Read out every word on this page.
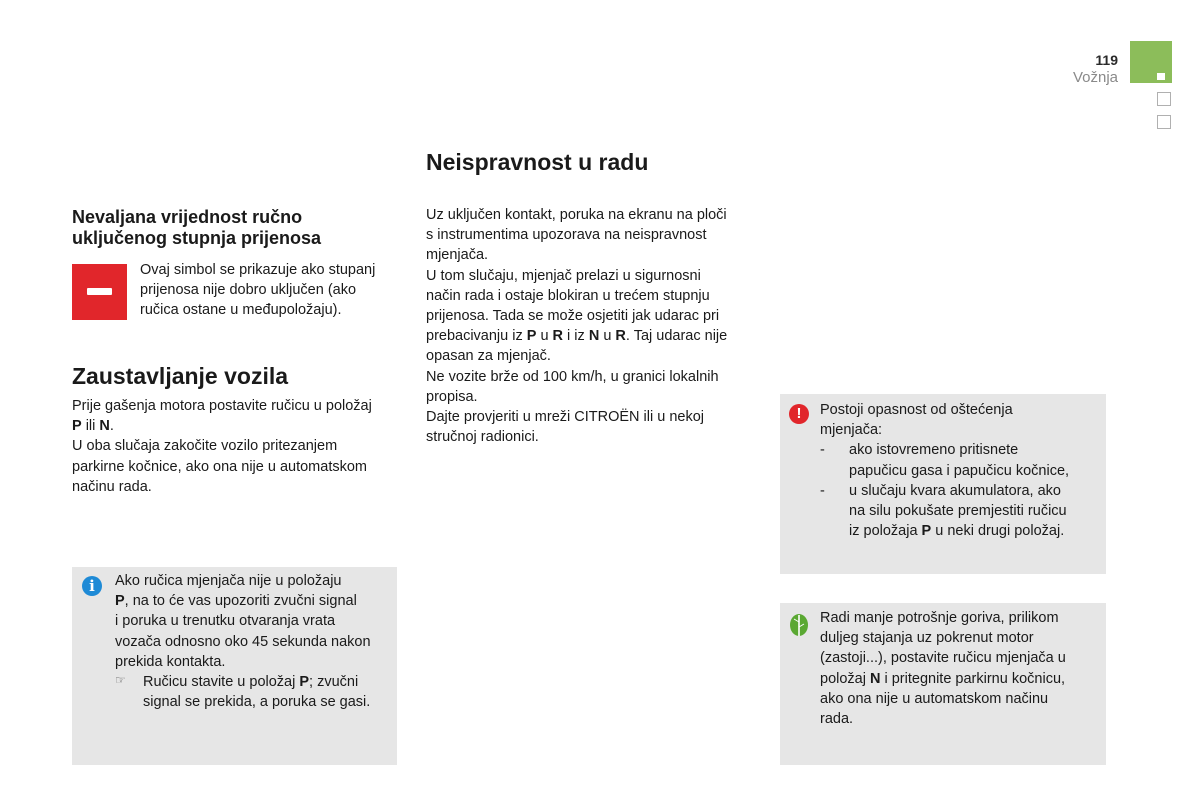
119
Vožnja
Nevaljana vrijednost ručno
uključenog stupnja prijenosa

Ovaj simbol se prikazuje ako stupanj

prijenosa nije dobro uključen (ako

ručica ostane u međupoložaju).

Zaustavljanje vozila

Prije gašenja motora postavite ručicu u položaj

P ili N.

U oba slučaja zakočite vozilo pritezanjem

parkirne kočnice, ako ona nije u automatskom

načinu rada.

i	Ako ručica mjenjača nije u položaju

P, na to će vas upozoriti zvučni signal

i poruka u trenutku otvaranja vrata

vozača odnosno oko 45 sekunda nakon

prekida kontakta.

☞ Ručicu stavite u položaj P; zvučni

signal se prekida, a poruka se gasi.

Neispravnost u radu

Uz uključen kontakt, poruka na ekranu na ploči

s instrumentima upozorava na neispravnost

mjenjača.

U tom slučaju, mjenjač prelazi u sigurnosni

način rada i ostaje blokiran u trećem stupnju

prijenosa. Tada se može osjetiti jak udarac pri

prebacivanju iz P u R i iz N u R. Taj udarac nije

opasan za mjenjač.

Ne vozite brže od 100 km/h, u granici lokalnih

propisa.

Dajte provjeriti u mreži CITROËN ili u nekoj

stručnoj radionici.

!	Postoji opasnost od oštećenja

mjenjača:

- ako istovremeno pritisnete

papučicu gasa i papučicu kočnice,

- u slučaju kvara akumulatora, ako

na silu pokušate premjestiti ručicu

iz položaja P u neki drugi položaj.

Radi manje potrošnje goriva, prilikom

duljeg stajanja uz pokrenut motor

(zastoji...), postavite ručicu mjenjača u

položaj N i pritegnite parkirnu kočnicu,

ako ona nije u automatskom načinu

rada.
